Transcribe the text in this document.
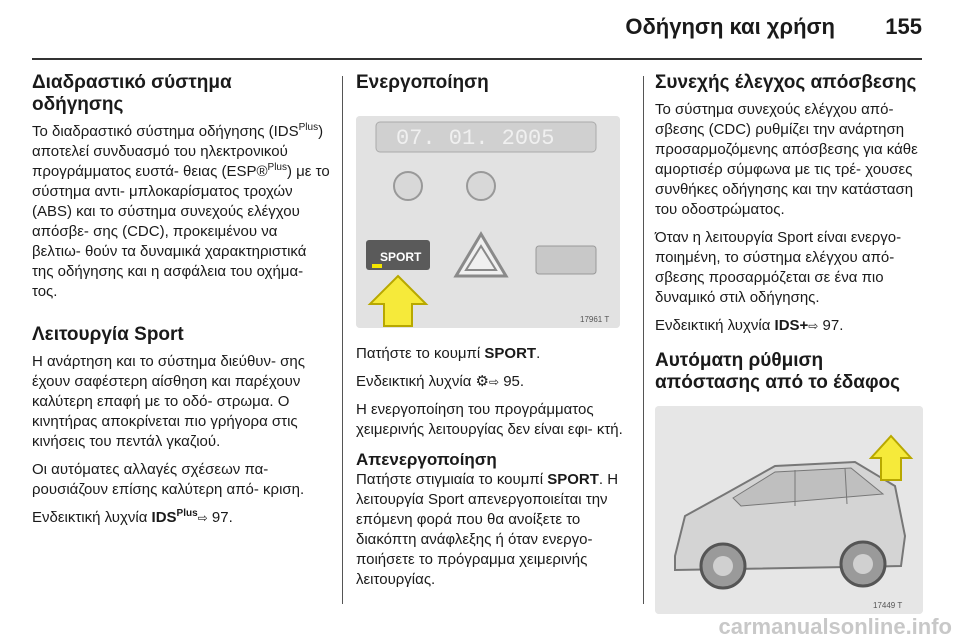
Οδήγηση και χρήση 155
Διαδραστικό σύστημα
οδήγησης

Το διαδραστικό σύστημα οδήγησης $(IDS^{Plus})$ αποτελεί συνδυασμό του ηλεκτρονικού προγράμματος ευστά- θειας (ESP®$^{Plus}$) με το σύστημα αντι- μπλοκαρίσματος τροχών (ABS) και το σύστημα συνεχούς ελέγχου απόσβε- σης (CDC), προκειμένου να βελτιω- θούν τα δυναμικά χαρακτηριστικά της οδήγησης και η ασφάλεια του οχήμα- τος.

Λειτουργία Sport

Η ανάρτηση και το σύστημα διεύθυν- σης έχουν σαφέστερη αίσθηση και παρέχουν καλύτερη επαφή με το οδό- στρωμα. Ο κινητήρας αποκρίνεται πιο γρήγορα στις κινήσεις του πεντάλ γκαζιού.

Οι αυτόματες αλλαγές σχέσεων πα- ρουσιάζουν επίσης καλύτερη από- κριση.

Ενδεικτική λυχνία $IDS^{Plus}⇨$ 97.

Ενεργοποίηση
07. 01. 2005
SPORT
17961 T

Πατήστε το κουμπί SPORT.

Ενδεικτική λυχνία ⚙⇨ 95.

Η ενεργοποίηση του προγράμματος χειμερινής λειτουργίας δεν είναι εφι- κτή.

Απενεργοποίηση

Πατήστε στιγμιαία το κουμπί SPORT. Η λειτουργία Sport απενεργοποιείται την επόμενη φορά που θα ανοίξετε το διακόπτη ανάφλεξης ή όταν ενεργο- ποιήσετε το πρόγραμμα χειμερινής λειτουργίας.

Συνεχής έλεγχος απόσβεσης

Το σύστημα συνεχούς ελέγχου από- σβεσης (CDC) ρυθμίζει την ανάρτηση προσαρμοζόμενης απόσβεσης για κάθε αμορτισέρ σύμφωνα με τις τρέ- χουσες συνθήκες οδήγησης και την κατάσταση του οδοστρώματος.

Όταν η λειτουργία Sport είναι ενεργο- ποιημένη, το σύστημα ελέγχου από- σβεσης προσαρμόζεται σε ένα πιο δυναμικό στιλ οδήγησης.

Ενδεικτική λυχνία IDS+⇨ 97.

Αυτόματη ρύθμιση απόστασης από το έδαφος
17449 T
carmanualsonline.info
